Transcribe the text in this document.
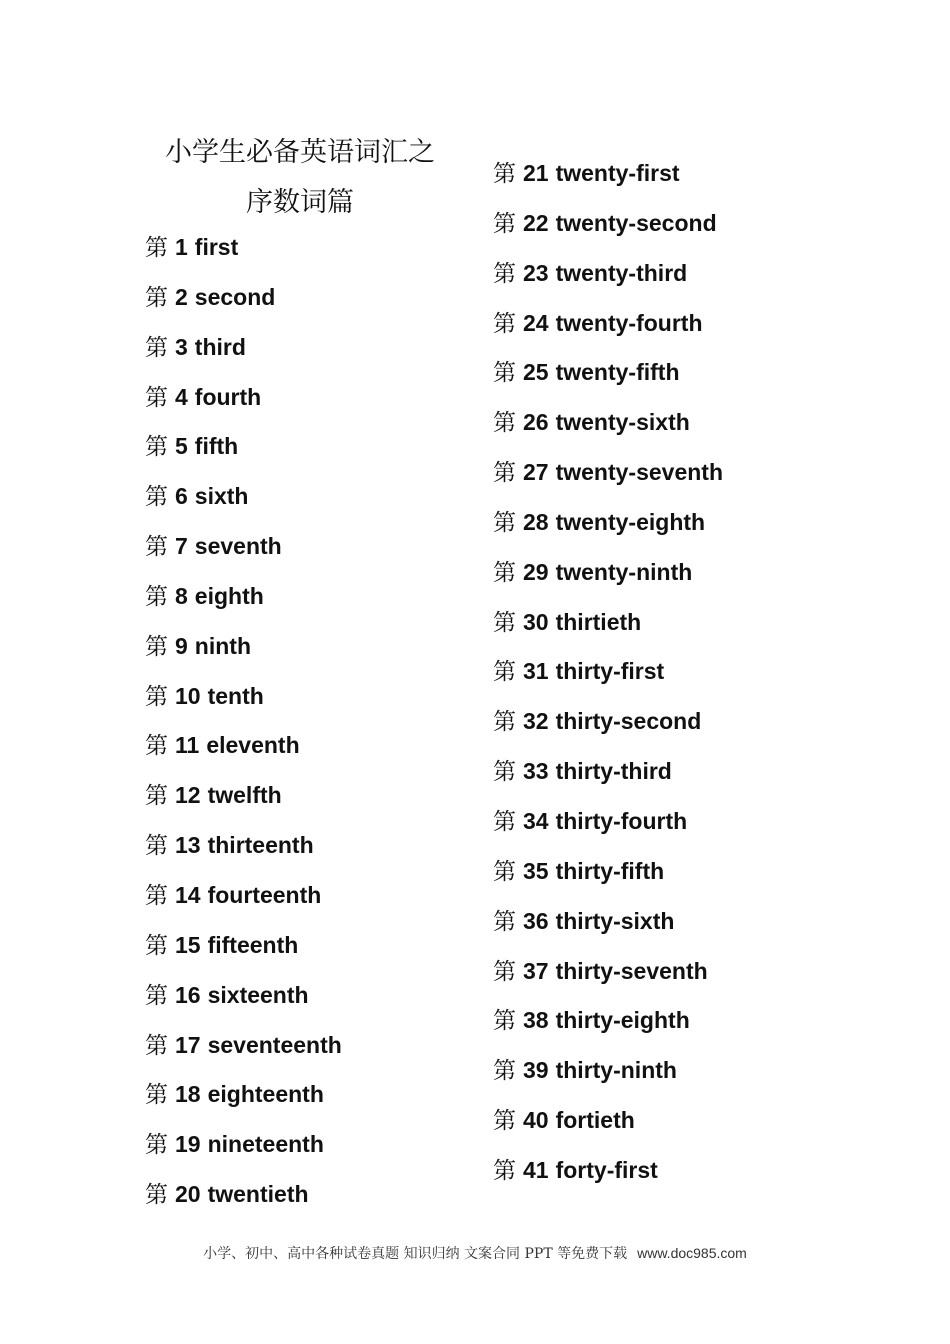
小学生必备英语词汇之
序数词篇
第 1 first
第 2 second
第 3 third
第 4 fourth
第 5 fifth
第 6 sixth
第 7 seventh
第 8 eighth
第 9 ninth
第 10 tenth
第 11 eleventh
第 12 twelfth
第 13 thirteenth
第 14 fourteenth
第 15 fifteenth
第 16 sixteenth
第 17 seventeenth
第 18 eighteenth
第 19 nineteenth
第 20 twentieth
第 21 twenty-first
第 22 twenty-second
第 23 twenty-third
第 24 twenty-fourth
第 25 twenty-fifth
第 26 twenty-sixth
第 27 twenty-seventh
第 28 twenty-eighth
第 29 twenty-ninth
第 30 thirtieth
第 31 thirty-first
第 32 thirty-second
第 33 thirty-third
第 34 thirty-fourth
第 35 thirty-fifth
第 36 thirty-sixth
第 37 thirty-seventh
第 38 thirty-eighth
第 39 thirty-ninth
第 40 fortieth
第 41 forty-first
小学、初中、高中各种试卷真题 知识归纳 文案合同 PPT 等免费下载 www.doc985.com
